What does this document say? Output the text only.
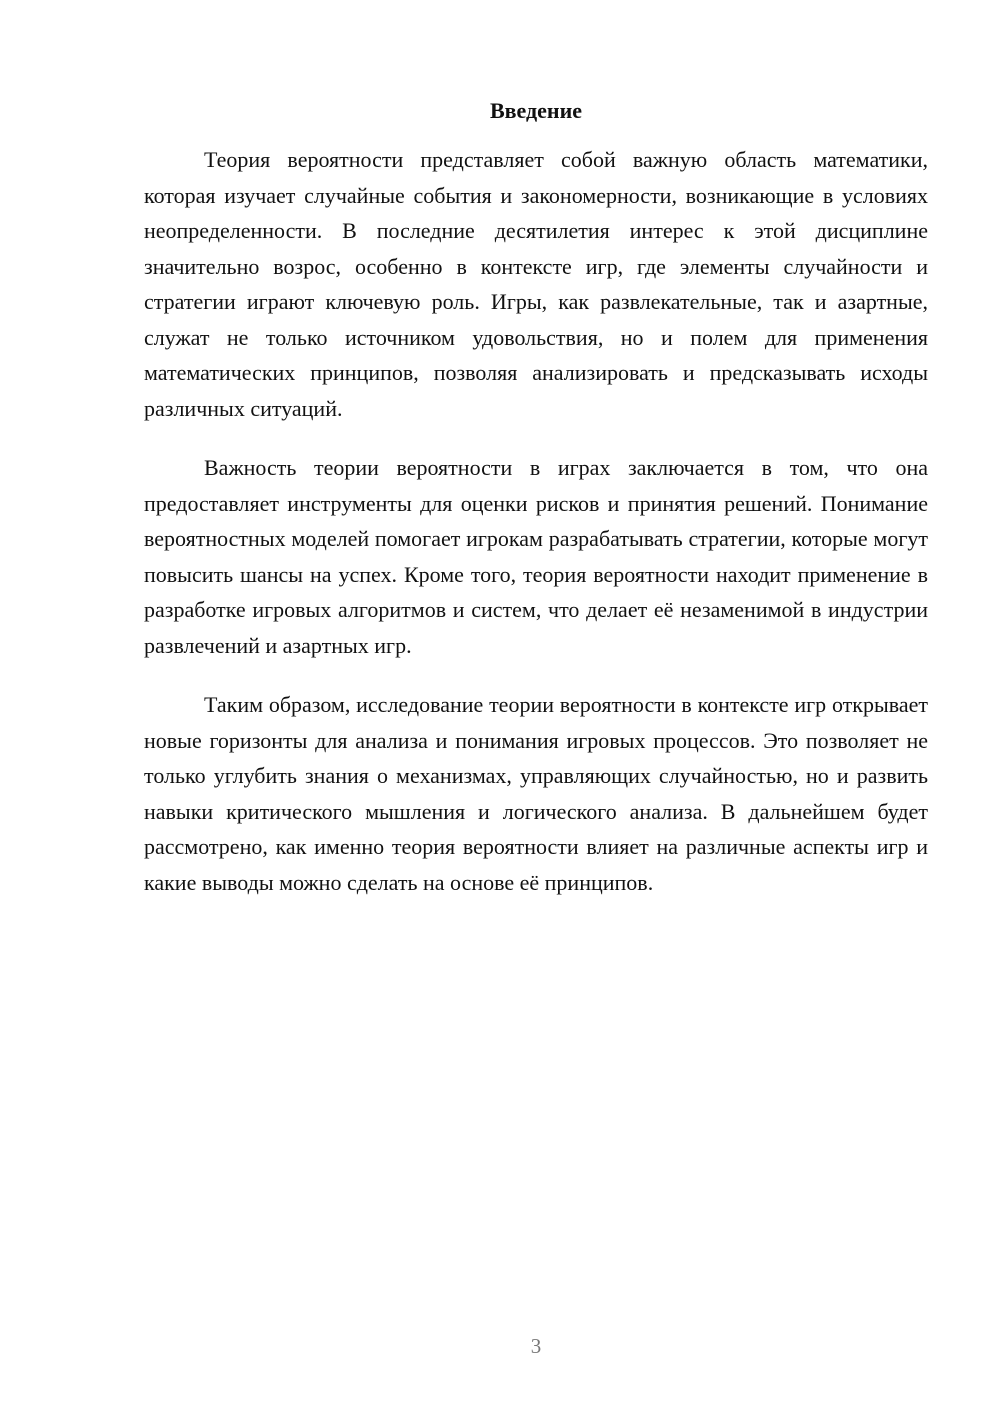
Введение

Теория вероятности представляет собой важную область математики, которая изучает случайные события и закономерности, возникающие в условиях неопределенности. В последние десятилетия интерес к этой дисциплине значительно возрос, особенно в контексте игр, где элементы случайности и стратегии играют ключевую роль. Игры, как развлекательные, так и азартные, служат не только источником удовольствия, но и полем для применения математических принципов, позволяя анализировать и предсказывать исходы различных ситуаций.

Важность теории вероятности в играх заключается в том, что она предоставляет инструменты для оценки рисков и принятия решений. Понимание вероятностных моделей помогает игрокам разрабатывать стратегии, которые могут повысить шансы на успех. Кроме того, теория вероятности находит применение в разработке игровых алгоритмов и систем, что делает её незаменимой в индустрии развлечений и азартных игр.

Таким образом, исследование теории вероятности в контексте игр открывает новые горизонты для анализа и понимания игровых процессов. Это позволяет не только углубить знания о механизмах, управляющих случайностью, но и развить навыки критического мышления и логического анализа. В дальнейшем будет рассмотрено, как именно теория вероятности влияет на различные аспекты игр и какие выводы можно сделать на основе её принципов.

3
